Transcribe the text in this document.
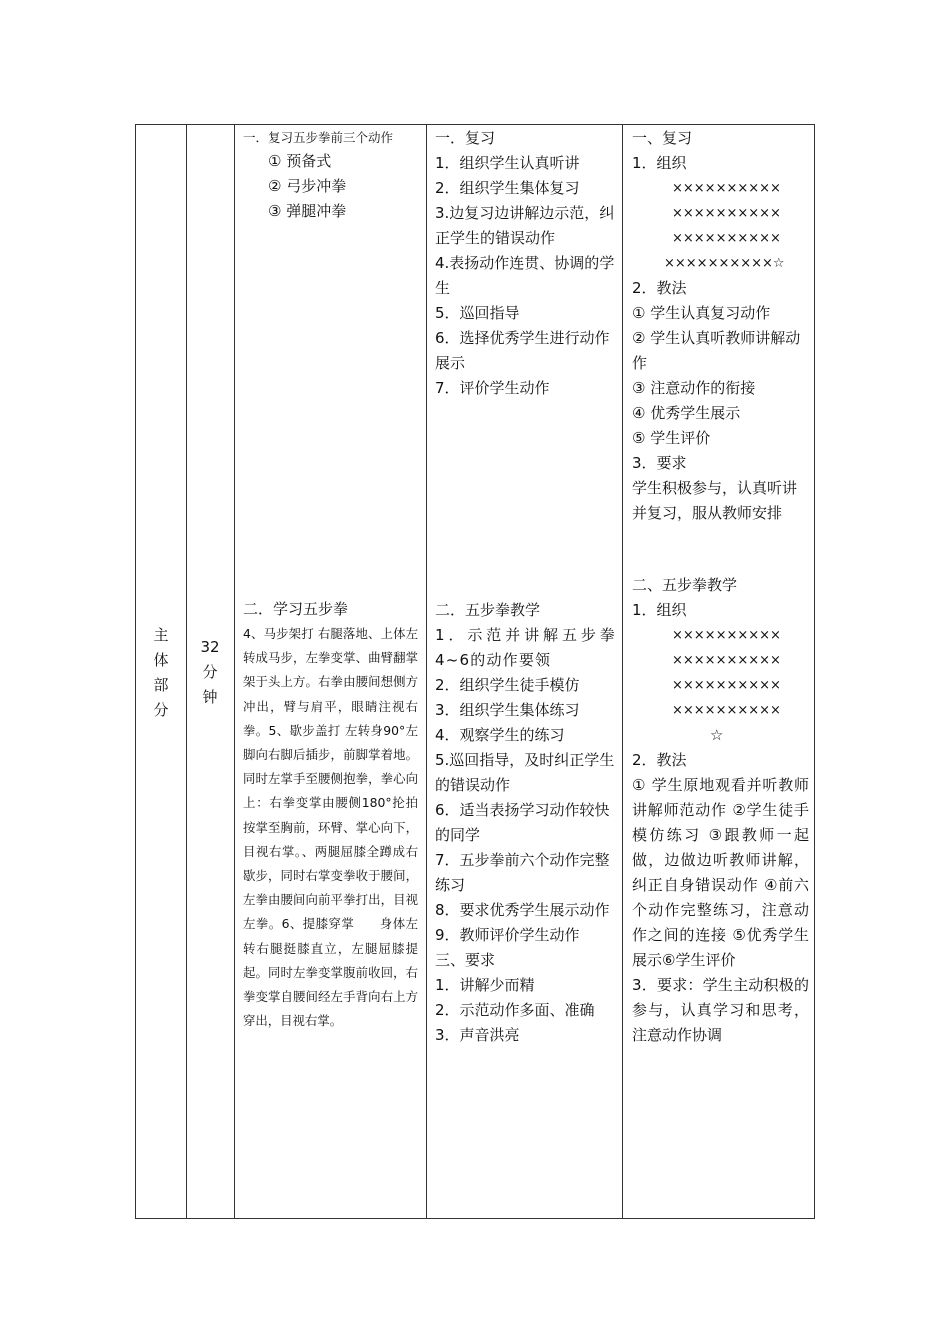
主
体
部
分
32
分
钟
一．复习五步拳前三个动作
① 预备式
② 弓步冲拳
③ 弹腿冲拳
二．学习五步拳
4、马步架打 右腿落地、上体左转成马步，左拳变掌、曲臂翻掌架于头上方。右拳由腰间想侧方冲出，臂与肩平，眼睛注视右拳。5、歇步盖打 左转身90°左脚向右脚后插步，前脚掌着地。同时左掌手至腰侧抱拳，拳心向上：右拳变掌由腰侧180°抡拍按掌至胸前，环臂、掌心向下，目视右掌。、两腿屈膝全蹲成右歇步，同时右掌变拳收于腰间，左拳由腰间向前平拳打出，目视左拳。6、提膝穿掌　　身体左转右腿挺膝直立，左腿屈膝提起。同时左拳变掌腹前收回，右拳变掌自腰间经左手背向右上方穿出，目视右掌。
一．复习
1．组织学生认真听讲
2．组织学生集体复习
3.边复习边讲解边示范，纠正学生的错误动作
4.表扬动作连贯、协调的学生
5．巡回指导
6．选择优秀学生进行动作展示
7．评价学生动作
二．五步拳教学
1．示范并讲解五步拳4~6的动作要领
2．组织学生徒手模仿
3．组织学生集体练习
4．观察学生的练习
5.巡回指导，及时纠正学生的错误动作
6．适当表扬学习动作较快的同学
7．五步拳前六个动作完整练习
8．要求优秀学生展示动作
9．教师评价学生动作
三、要求
1．讲解少而精
2．示范动作多面、准确
3．声音洪亮
一、复习
1．组织
××××××××××
××××××××××
××××××××××
××××××××××☆
2．教法
① 学生认真复习动作
② 学生认真听教师讲解动作
③ 注意动作的衔接
④ 优秀学生展示
⑤ 学生评价
3．要求
学生积极参与，认真听讲并复习，服从教师安排
二、五步拳教学
1．组织
××××××××××
××××××××××
××××××××××
××××××××××
☆
2．教法
① 学生原地观看并听教师讲解师范动作 ②学生徒手模仿练习 ③跟教师一起做，边做边听教师讲解，纠正自身错误动作 ④前六个动作完整练习，注意动作之间的连接 ⑤优秀学生展示⑥学生评价
3．要求：学生主动积极的参与，认真学习和思考，注意动作协调
